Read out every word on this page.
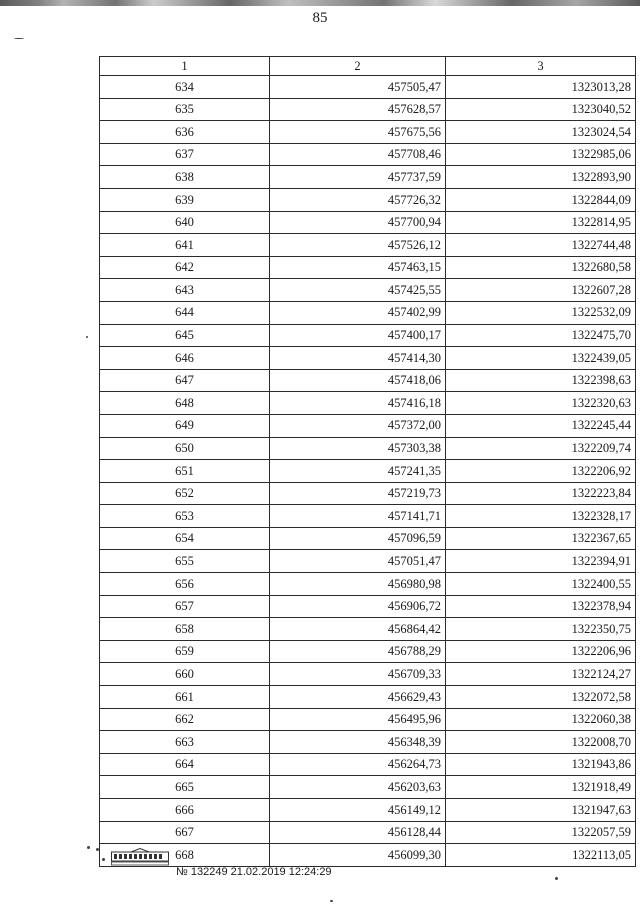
85
1	2	3
634	457505,47	1323013,28
635	457628,57	1323040,52
636	457675,56	1323024,54
637	457708,46	1322985,06
638	457737,59	1322893,90
639	457726,32	1322844,09
640	457700,94	1322814,95
641	457526,12	1322744,48
642	457463,15	1322680,58
643	457425,55	1322607,28
644	457402,99	1322532,09
645	457400,17	1322475,70
646	457414,30	1322439,05
647	457418,06	1322398,63
648	457416,18	1322320,63
649	457372,00	1322245,44
650	457303,38	1322209,74
651	457241,35	1322206,92
652	457219,73	1322223,84
653	457141,71	1322328,17
654	457096,59	1322367,65
655	457051,47	1322394,91
656	456980,98	1322400,55
657	456906,72	1322378,94
658	456864,42	1322350,75
659	456788,29	1322206,96
660	456709,33	1322124,27
661	456629,43	1322072,58
662	456495,96	1322060,38
663	456348,39	1322008,70
664	456264,73	1321943,86
665	456203,63	1321918,49
666	456149,12	1321947,63
667	456128,44	1322057,59
668	456099,30	1322113,05
№ 132249 21.02.2019 12:24:29
